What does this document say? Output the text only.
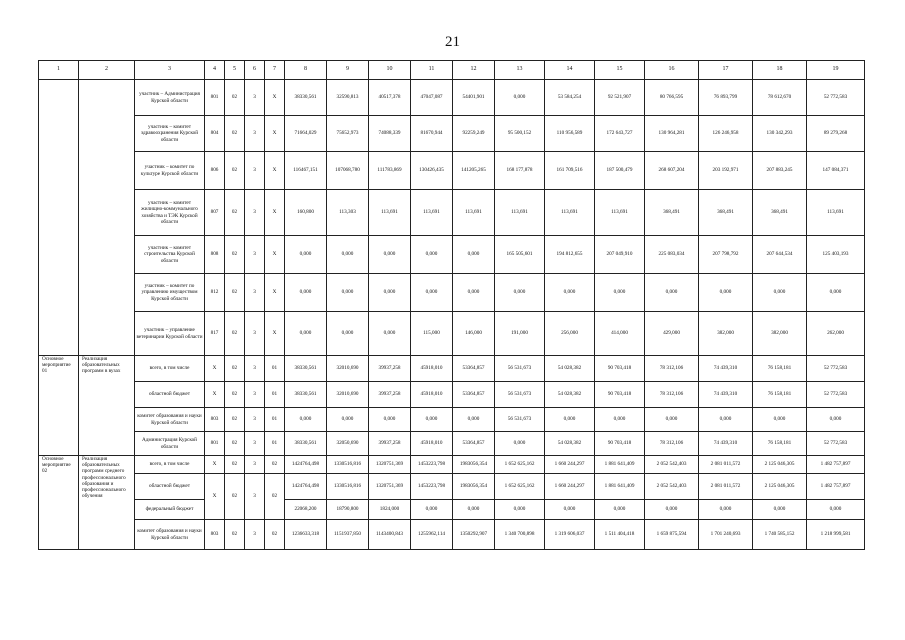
21
1	2	3	4	5	6	7	8	9	10	11	12	13	14	15	16	17	18	19
		участник – Администрация Курской области	801	02	3	Х	38330,561	32590,813	40517,378	47047,087	54401,901	0,000	53 584,254	92 521,907	80 766,595	76 893,799	78 612,670	52 772,583
		участник – комитет здравоохранения Курской области	804	02	3	Х	71664,029	75652,973	74088,339	81670,944	92259,249	95 500,152	110 956,589	172 643,727	130 964,281	126 246,958	130 342,293	89 279,268
		участник – комитет по культуре Курской области	806	02	3	Х	116467,151	107068,780	111783,869	130426,435	141205,265	168 177,878	161 709,516	187 500,479	268 607,204	203 192,971	207 883,245	147 084,371
		участник – комитет жилищно-коммунального хозяйства и ТЭК Курской области	807	02	3	Х	160,800	113,303	113,691	113,691	113,691	113,691	113,691	113,691	368,491	368,491	368,491	113,691
		участник – комитет строительства Курской области	808	02	3	Х	0,000	0,000	0,000	0,000	0,000	165 505,601	194 812,655	207 049,910	225 083,034	207 798,792	207 644,534	125 403,193
		участник – комитет по управлению имуществом Курской области	812	02	3	Х	0,000	0,000	0,000	0,000	0,000	0,000	0,000	0,000	0,000	0,000	0,000	0,000
		участник – управление ветеринарии Курской области	817	02	3	Х	0,000	0,000	0,000	115,000	146,000	191,000	256,000	414,000	429,000	382,000	382,000	262,000
Основное мероприятие 01	Реализация образовательных программ в вузах	всего, в том числе	Х	02	3	01	38330,561	32010,690	39937,258	45918,010	53364,857	56 531,673	54 028,382	90 703,418	78 312,106	74 439,310	76 158,181	52 772,583
		областной бюджет	Х	02	3	01	38330,561	32010,690	39937,258	45918,010	53364,857	56 531,673	54 028,382	90 703,418	78 312,106	74 439,310	76 158,181	52 772,583
		комитет образования и науки Курской области	803	02	3	01	0,000	0,000	0,000	0,000	0,000	56 531,673	0,000	0,000	0,000	0,000	0,000	0,000
		Администрация Курской области	801	02	3	01	38330,561	32050,690	39937,258	45918,010	53364,857	0,000	54 028,382	90 703,418	78 312,106	74 439,310	76 158,181	52 772,583
Основное мероприятие 02	Реализация образовательных программ среднего профессионального образования и профессионального обучения	всего, в том числе	Х	02	3	02	1424764,498	1330516,816	1320751,369	1453223,798	1983056,354	1 652 625,162	1 660 244,297	1 881 641,409	2 052 542,403	2 081 011,572	2 125 046,305	1 482 757,897
		областной бюджет	Х	02	3	02	1424764,498	1330516,816	1320751,369	1453223,798	1983056,354	1 652 625,162	1 660 244,297	1 881 641,409	2 052 542,403	2 081 011,572	2 125 046,305	1 482 757,897
		федеральный бюджет					22068,200	18790,800	1824,000	0,000	0,000	0,000	0,000	0,000	0,000	0,000	0,000	0,000
		комитет образования и науки Курской области	803	02	3	02	1236633,318	1151937,850	1143400,843	1255962,114	1350292,907	1 340 700,898	1 319 606,037	1 511 404,418	1 659 875,594	1 701 240,693	1 740 585,152	1 218 999,581
